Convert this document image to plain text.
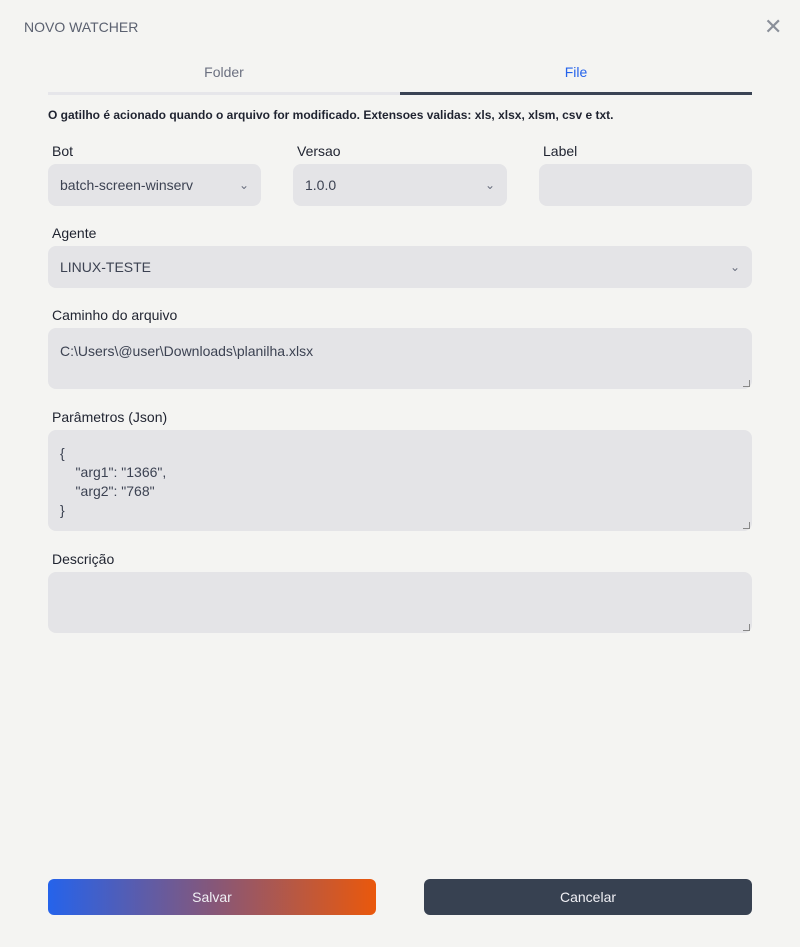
NOVO WATCHER	✕
Folder	File
O gatilho é acionado quando o arquivo for modificado. Extensoes validas: xls, xlsx, xlsm, csv e txt.
Bot
batch-screen-winserv	⌄
Versao
1.0.0	⌄
Label
Agente
LINUX-TESTE	⌄
Caminho do arquivo
C:\Users\@user\Downloads\planilha.xlsx
Parâmetros (Json)
{
"arg1": "1366",
"arg2": "768"
}
Descrição
Salvar	Cancelar
